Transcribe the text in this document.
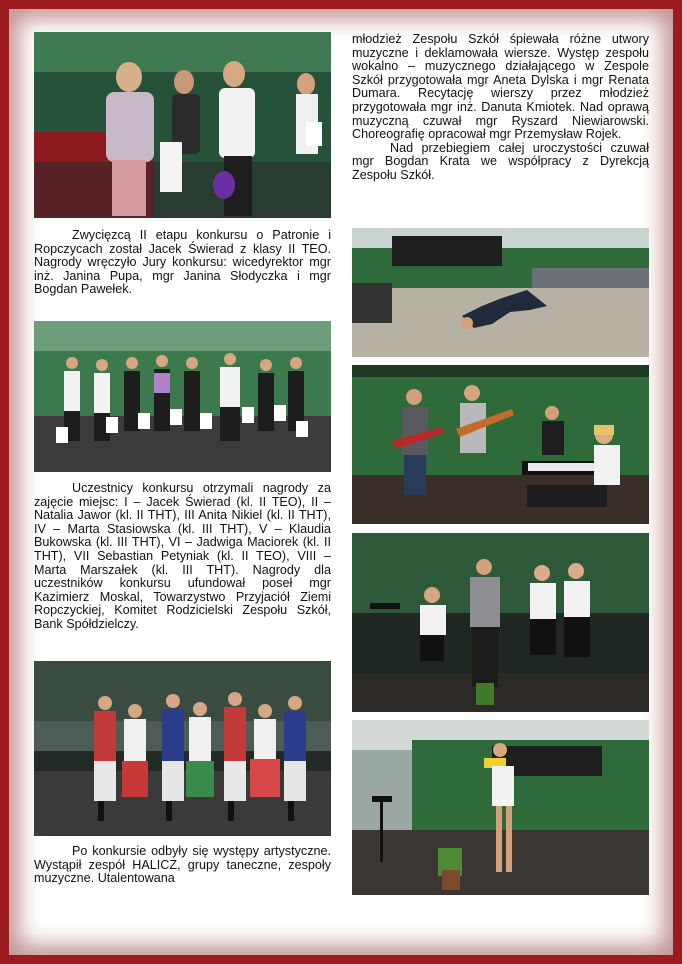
Zwycięzcą II etapu konkursu o Patronie i Ropczycach został Jacek Świerad z klasy II TEO. Nagrody wręczyło Jury konkursu: wicedyrektor mgr inż. Janina Pupa, mgr Janina Słodyczka i mgr Bogdan Pawełek.

Uczestnicy konkursu otrzymali nagrody za zajęcie miejsc: I – Jacek Świerad (kl. II TEO), II – Natalia Jawor (kl. II THT), III Anita Nikiel (kl. II THT), IV – Marta Stasiowska (kl. III THT), V – Klaudia Bukowska (kl. III THT), VI – Jadwiga Maciorek (kl. II THT), VII Sebastian Petyniak (kl. II TEO), VIII – Marta Marszałek (kl. III THT). Nagrody dla uczestników konkursu ufundował poseł mgr Kazimierz Moskal, Towarzystwo Przyjaciół Ziemi Ropczyckiej, Komitet Rodzicielski Zespołu Szkół, Bank Spółdzielczy.

Po konkursie odbyły się występy artystyczne. Wystąpił zespół HALICZ, grupy taneczne, zespoły muzyczne. Utalentowana

młodzież Zespołu Szkół śpiewała różne utwory muzyczne i deklamowała wiersze. Występ zespołu wokalno – muzycznego działającego w Zespole Szkół przygotowała mgr Aneta Dylska i mgr Renata Dumara. Recytację wierszy przez młodzież przygotowała mgr inż. Danuta Kmiotek. Nad oprawą muzyczną czuwał mgr Ryszard Niewiarowski. Choreografię opracował mgr Przemysław Rojek.

Nad przebiegiem całej uroczystości czuwał mgr Bogdan Krata we współpracy z Dyrekcją Zespołu Szkół.
